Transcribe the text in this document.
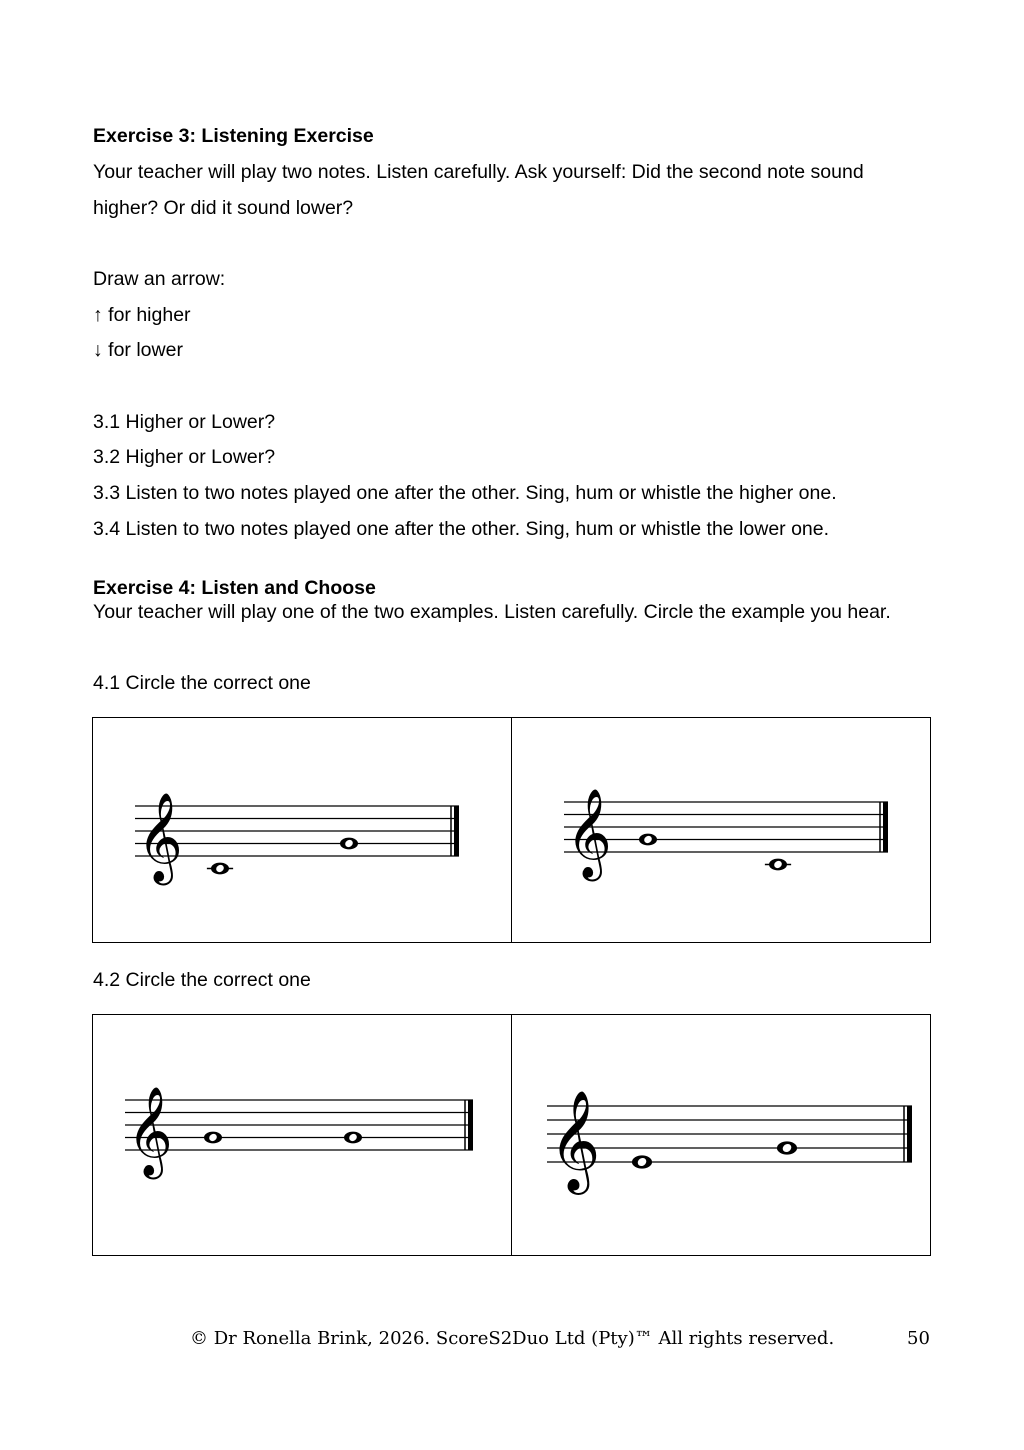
Exercise 3: Listening Exercise
Your teacher will play two notes. Listen carefully. Ask yourself: Did the second note sound
higher? Or did it sound lower?
Draw an arrow:
↑ for higher
↓ for lower
3.1 Higher or Lower?
3.2 Higher or Lower?
3.3 Listen to two notes played one after the other. Sing, hum or whistle the higher one.
3.4 Listen to two notes played one after the other. Sing, hum or whistle the lower one.
Exercise 4: Listen and Choose
Your teacher will play one of the two examples. Listen carefully. Circle the example you hear.
4.1 Circle the correct one
𝄞	𝄞
4.2 Circle the correct one
𝄞	𝄞
© Dr Ronella Brink, 2026. ScoreS2Duo Ltd (Pty)™ All rights reserved.	50
